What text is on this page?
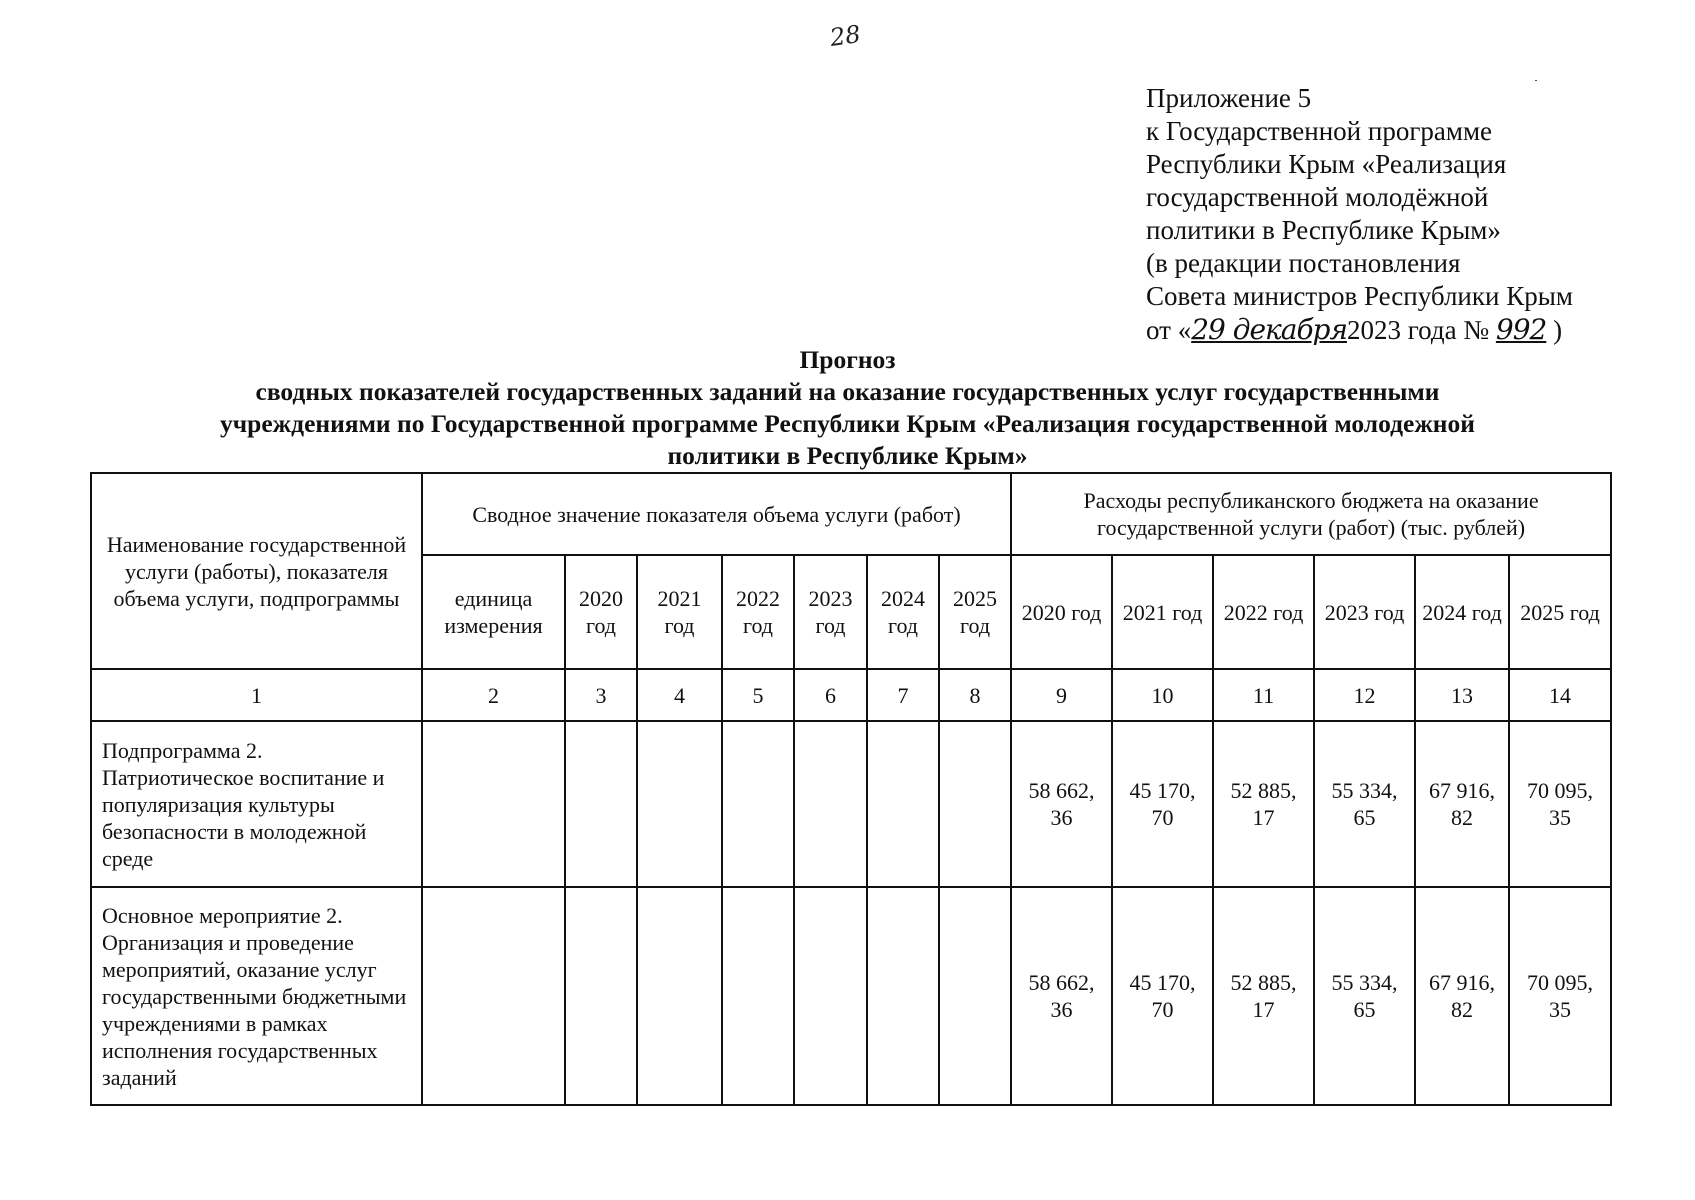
28
Приложение 5
к Государственной программе
Республики Крым «Реализация
государственной молодёжной
политики в Республике Крым»
(в редакции постановления
Совета министров Республики Крым
от «29 декабря2023 года № 992 )
Прогноз
сводных показателей государственных заданий на оказание государственных услуг государственными
учреждениями по Государственной программе Республики Крым «Реализация государственной молодежной
политики в Республике Крым»
Наименование государственной услуги (работы), показателя объема услуги, подпрограммы	Сводное значение показателя объема услуги (работ)							Расходы республиканского бюджета на оказание государственной услуги (работ) (тыс. рублей)					
	единица измерения	2020 год	2021 год	2022 год	2023 год	2024 год	2025 год	2020 год	2021 год	2022 год	2023 год	2024 год	2025 год
1	2	3	4	5	6	7	8	9	10	11	12	13	14
Подпрограмма 2. Патриотическое воспитание и популяризация культуры безопасности в молодежной среде								58 662, 36	45 170, 70	52 885, 17	55 334, 65	67 916, 82	70 095, 35
Основное мероприятие 2. Организация и проведение мероприятий, оказание услуг государственными бюджетными учреждениями в рамках исполнения государственных заданий								58 662, 36	45 170, 70	52 885, 17	55 334, 65	67 916, 82	70 095, 35
